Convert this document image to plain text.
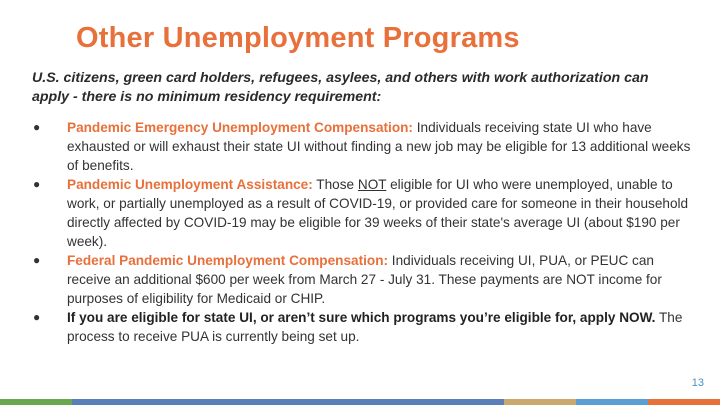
Other Unemployment Programs
U.S. citizens, green card holders, refugees, asylees, and others with work authorization can apply - there is no minimum residency requirement:
● Pandemic Emergency Unemployment Compensation: Individuals receiving state UI who have exhausted or will exhaust their state UI without finding a new job may be eligible for 13 additional weeks of benefits.
● Pandemic Unemployment Assistance: Those NOT eligible for UI who were unemployed, unable to work, or partially unemployed as a result of COVID-19, or provided care for someone in their household directly affected by COVID-19 may be eligible for 39 weeks of their state's average UI (about $190 per week).
● Federal Pandemic Unemployment Compensation: Individuals receiving UI, PUA, or PEUC can receive an additional $600 per week from March 27 - July 31. These payments are NOT income for purposes of eligibility for Medicaid or CHIP.
● If you are eligible for state UI, or aren’t sure which programs you’re eligible for, apply NOW. The process to receive PUA is currently being set up.
13
